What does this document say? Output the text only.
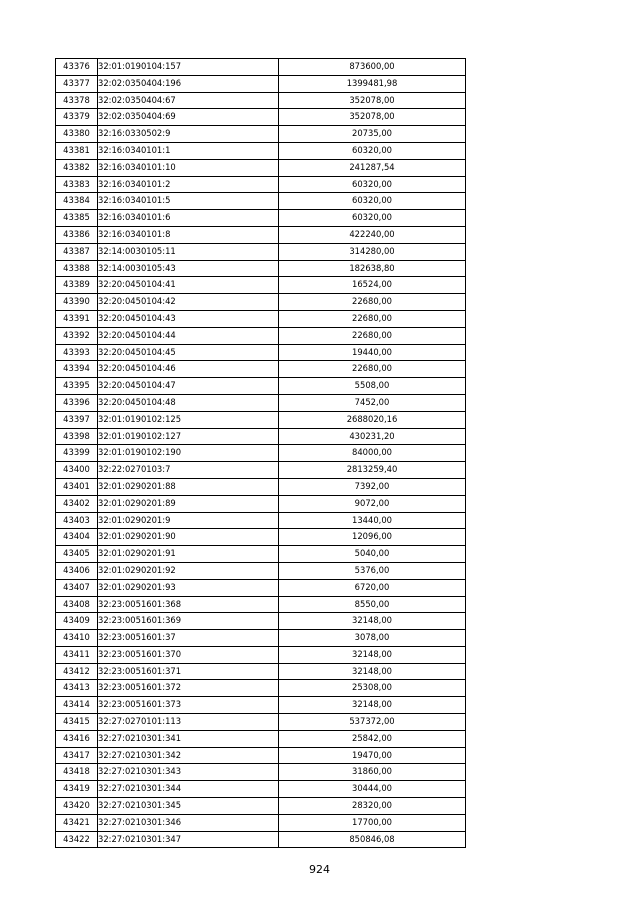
43376	32:01:0190104:157	873600,00
43377	32:02:0350404:196	1399481,98
43378	32:02:0350404:67	352078,00
43379	32:02:0350404:69	352078,00
43380	32:16:0330502:9	20735,00
43381	32:16:0340101:1	60320,00
43382	32:16:0340101:10	241287,54
43383	32:16:0340101:2	60320,00
43384	32:16:0340101:5	60320,00
43385	32:16:0340101:6	60320,00
43386	32:16:0340101:8	422240,00
43387	32:14:0030105:11	314280,00
43388	32:14:0030105:43	182638,80
43389	32:20:0450104:41	16524,00
43390	32:20:0450104:42	22680,00
43391	32:20:0450104:43	22680,00
43392	32:20:0450104:44	22680,00
43393	32:20:0450104:45	19440,00
43394	32:20:0450104:46	22680,00
43395	32:20:0450104:47	5508,00
43396	32:20:0450104:48	7452,00
43397	32:01:0190102:125	2688020,16
43398	32:01:0190102:127	430231,20
43399	32:01:0190102:190	84000,00
43400	32:22:0270103:7	2813259,40
43401	32:01:0290201:88	7392,00
43402	32:01:0290201:89	9072,00
43403	32:01:0290201:9	13440,00
43404	32:01:0290201:90	12096,00
43405	32:01:0290201:91	5040,00
43406	32:01:0290201:92	5376,00
43407	32:01:0290201:93	6720,00
43408	32:23:0051601:368	8550,00
43409	32:23:0051601:369	32148,00
43410	32:23:0051601:37	3078,00
43411	32:23:0051601:370	32148,00
43412	32:23:0051601:371	32148,00
43413	32:23:0051601:372	25308,00
43414	32:23:0051601:373	32148,00
43415	32:27:0270101:113	537372,00
43416	32:27:0210301:341	25842,00
43417	32:27:0210301:342	19470,00
43418	32:27:0210301:343	31860,00
43419	32:27:0210301:344	30444,00
43420	32:27:0210301:345	28320,00
43421	32:27:0210301:346	17700,00
43422	32:27:0210301:347	850846,08
924
